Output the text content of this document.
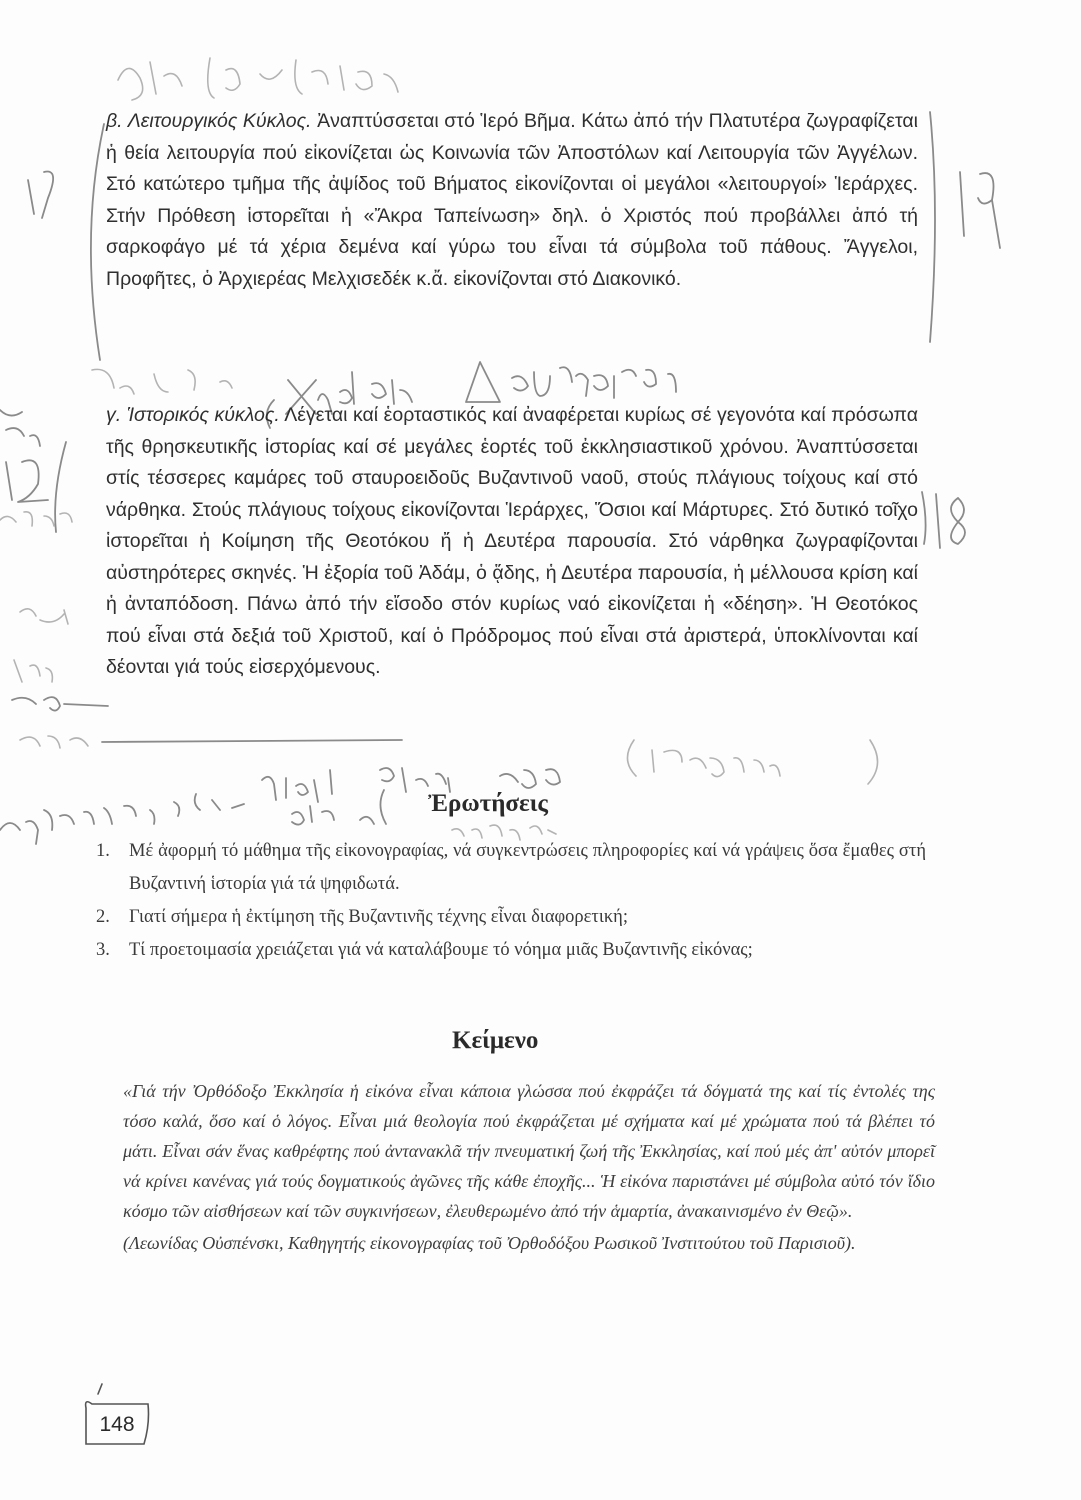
β. Λειτουργικός Κύκλος. Ἀναπτύσσεται στό Ἱερό Βῆμα. Κάτω ἀπό τήν Πλατυτέρα ζωγραφίζεται ἡ θεία λειτουργία πού εἰκονίζεται ὡς Κοινωνία τῶν Ἀποστόλων καί Λειτουργία τῶν Ἀγγέλων. Στό κατώτερο τμῆμα τῆς ἀψίδος τοῦ Βήματος εἰκονίζονται οἱ μεγάλοι «λειτουργοί» Ἱεράρχες. Στήν Πρόθεση ἱστορεῖται ἡ «Ἄκρα Ταπείνωση» δηλ. ὁ Χριστός πού προβάλλει ἀπό τή σαρκοφάγο μέ τά χέρια δεμένα καί γύρω του εἶναι τά σύμβολα τοῦ πάθους. Ἄγγελοι, Προφῆτες, ὁ Ἀρχιερέας Μελχισεδέκ κ.ἄ. εἰκονίζονται στό Διακονικό.

γ. Ἱστορικός κύκλος. Λέγεται καί ἑορταστικός καί ἀναφέρεται κυρίως σέ γεγονότα καί πρόσωπα τῆς θρησκευτικῆς ἱστορίας καί σέ μεγάλες ἑορτές τοῦ ἐκκλησιαστικοῦ χρόνου. Ἀναπτύσσεται στίς τέσσερες καμάρες τοῦ σταυροειδοῦς Βυζαντινοῦ ναοῦ, στούς πλάγιους τοίχους καί στό νάρθηκα. Στούς πλάγιους τοίχους εἰκονίζονται Ἱεράρχες, Ὅσιοι καί Μάρτυρες. Στό δυτικό τοῖχο ἱστορεῖται ἡ Κοίμηση τῆς Θεοτόκου ἤ ἡ Δευτέρα παρουσία. Στό νάρθηκα ζωγραφίζονται αὐστηρότερες σκηνές. Ἡ ἐξορία τοῦ Ἀδάμ, ὁ ᾅδης, ἡ Δευτέρα παρουσία, ἡ μέλλουσα κρίση καί ἡ ἀνταπόδοση. Πάνω ἀπό τήν εἴσοδο στόν κυρίως ναό εἰκονίζεται ἡ «δέηση». Ἡ Θεοτόκος πού εἶναι στά δεξιά τοῦ Χριστοῦ, καί ὁ Πρόδρομος πού εἶναι στά ἀριστερά, ὑποκλίνονται καί δέονται γιά τούς εἰσερχόμενους.

Ἐρωτήσεις
1. Μέ ἀφορμή τό μάθημα τῆς εἰκονογραφίας, νά συγκεντρώσεις πληροφορίες καί νά γράψεις ὅσα ἔμαθες στή Βυζαντινή ἱστορία γιά τά ψηφιδωτά.
2. Γιατί σήμερα ἡ ἐκτίμηση τῆς Βυζαντινῆς τέχνης εἶναι διαφορετική;
3. Τί προετοιμασία χρειάζεται γιά νά καταλάβουμε τό νόημα μιᾶς Βυζαντινῆς εἰκόνας;
Κείμενο

«Γιά τήν Ὀρθόδοξο Ἐκκλησία ἡ εἰκόνα εἶναι κάποια γλώσσα πού ἐκφράζει τά δόγματά της καί τίς ἐντολές της τόσο καλά, ὅσο καί ὁ λόγος. Εἶναι μιά θεολογία πού ἐκφράζεται μέ σχήματα καί μέ χρώματα πού τά βλέπει τό μάτι. Εἶναι σάν ἕνας καθρέφτης πού ἀντανακλᾶ τήν πνευματική ζωή τῆς Ἐκκλησίας, καί πού μές ἀπ' αὐτόν μπορεῖ νά κρίνει κανένας γιά τούς δογματικούς ἀγῶνες τῆς κάθε ἐποχῆς... Ἡ εἰκόνα παριστάνει μέ σύμβολα αὐτό τόν ἴδιο κόσμο τῶν αἰσθήσεων καί τῶν συγκινήσεων, ἐλευθερωμένο ἀπό τήν ἁμαρτία, ἀνακαινισμένο ἐν Θεῷ».

(Λεωνίδας Οὐσπένσκι, Καθηγητής εἰκονογραφίας τοῦ Ὀρθοδόξου Ρωσικοῦ Ἰνστιτούτου τοῦ Παρισιοῦ).

148
